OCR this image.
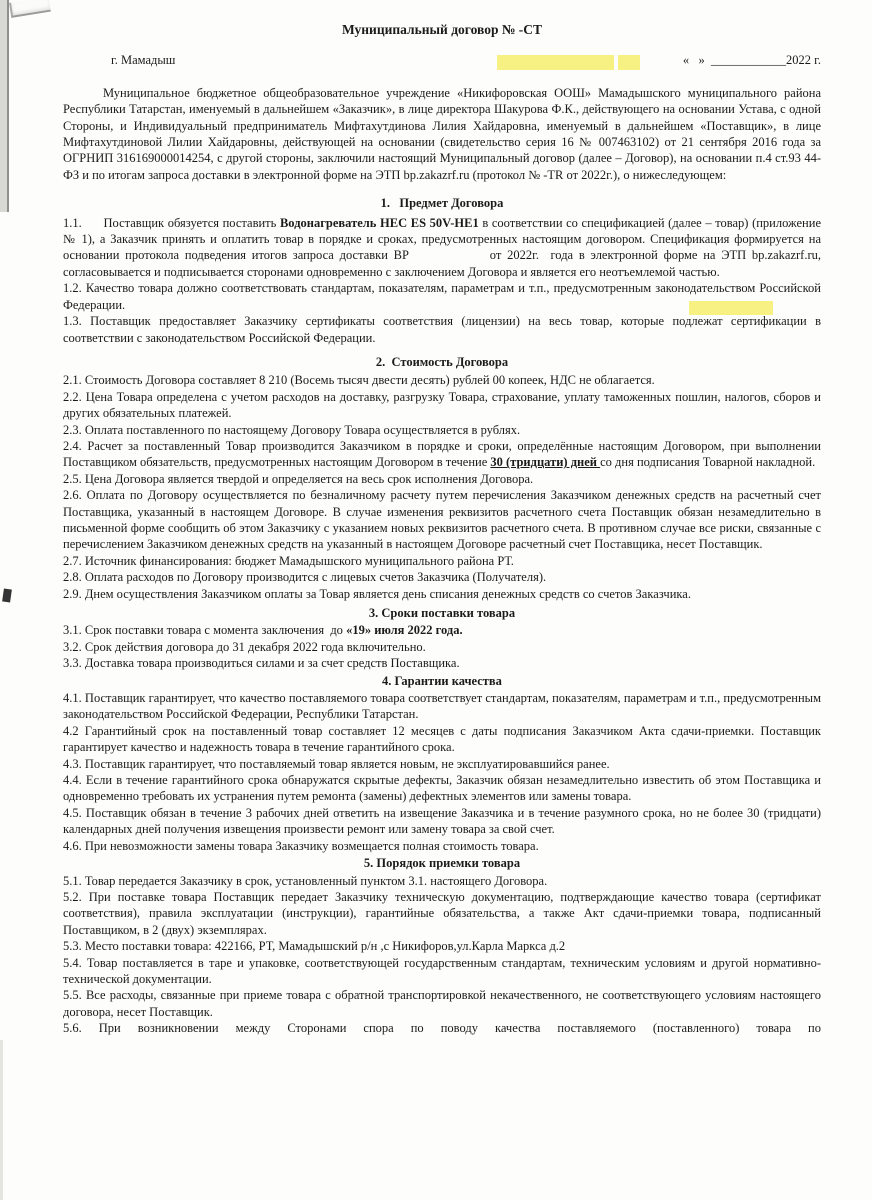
Муниципальный договор № -СТ
г. Мамадыш	«   »  ____________2022 г.

Муниципальное бюджетное общеобразовательное учреждение «Никифоровская ООШ» Мамадышского муниципального района Республики Татарстан, именуемый в дальнейшем «Заказчик», в лице директора Шакурова Ф.К., действующего на основании Устава, с одной Стороны, и Индивидуальный предприниматель Мифтахутдинова Лилия Хайдаровна, именуемый в дальнейшем «Поставщик», в лице Мифтахутдиновой Лилии Хайдаровны, действующей на основании (свидетельство серия 16 № 007463102) от 21 сентября 2016 года за ОГРНИП 316169000014254, с другой стороны, заключили настоящий Муниципальный договор (далее – Договор), на основании п.4 ст.93 44-ФЗ и по итогам запроса доставки в электронной форме на ЭТП bp.zakazrf.ru (протокол № -TR от 2022г.), о нижеследующем:

1.   Предмет Договора

1.1.      Поставщик обязуется поставить Водонагреватель HEC ES 50V-HE1 в соответствии со спецификацией (далее – товар) (приложение № 1), а Заказчик принять и оплатить товар в порядке и сроках, предусмотренных настоящим договором. Спецификация формируется на основании протокола подведения итогов запроса доставки BP              от 2022г.  года в электронной форме на ЭТП bp.zakazrf.ru, согласовывается и подписывается сторонами одновременно с заключением Договора и является его неотъемлемой частью.

1.2. Качество товара должно соответствовать стандартам, показателям, параметрам и т.п., предусмотренным законодательством Российской Федерации.

1.3. Поставщик предоставляет Заказчику сертификаты соответствия (лицензии) на весь товар, которые подлежат сертификации в соответствии с законодательством Российской Федерации.

2.  Стоимость Договора

2.1. Стоимость Договора составляет 8 210 (Восемь тысяч двести десять) рублей 00 копеек, НДС не облагается.

2.2. Цена Товара определена с учетом расходов на доставку, разгрузку Товара, страхование, уплату таможенных пошлин, налогов, сборов и других обязательных платежей.

2.3. Оплата поставленного по настоящему Договору Товара осуществляется в рублях.

2.4. Расчет за поставленный Товар производится Заказчиком в порядке и сроки, определённые настоящим Договором, при выполнении Поставщиком обязательств, предусмотренных настоящим Договором в течение 30 (тридцати) дней со дня подписания Товарной накладной.

2.5. Цена Договора является твердой и определяется на весь срок исполнения Договора.

2.6. Оплата по Договору осуществляется по безналичному расчету путем перечисления Заказчиком денежных средств на расчетный счет Поставщика, указанный в настоящем Договоре. В случае изменения реквизитов расчетного счета Поставщик обязан незамедлительно в письменной форме сообщить об этом Заказчику с указанием новых реквизитов расчетного счета. В противном случае все риски, связанные с перечислением Заказчиком денежных средств на указанный в настоящем Договоре расчетный счет Поставщика, несет Поставщик.

2.7. Источник финансирования: бюджет Мамадышского муниципального района РТ.

2.8. Оплата расходов по Договору производится с лицевых счетов Заказчика (Получателя).

2.9. Днем осуществления Заказчиком оплаты за Товар является день списания денежных средств со счетов Заказчика.

3. Сроки поставки товара

3.1. Срок поставки товара с момента заключения  до «19» июля 2022 года.

3.2. Срок действия договора до 31 декабря 2022 года включительно.

3.3. Доставка товара производиться силами и за счет средств Поставщика.

4. Гарантии качества

4.1. Поставщик гарантирует, что качество поставляемого товара соответствует стандартам, показателям, параметрам и т.п., предусмотренным законодательством Российской Федерации, Республики Татарстан.

4.2 Гарантийный срок на поставленный товар составляет 12 месяцев с даты подписания Заказчиком Акта сдачи-приемки. Поставщик гарантирует качество и надежность товара в течение гарантийного срока.

4.3. Поставщик гарантирует, что поставляемый товар является новым, не эксплуатировавшийся ранее.

4.4. Если в течение гарантийного срока обнаружатся скрытые дефекты, Заказчик обязан незамедлительно известить об этом Поставщика и одновременно требовать их устранения путем ремонта (замены) дефектных элементов или замены товара.

4.5. Поставщик обязан в течение 3 рабочих дней ответить на извещение Заказчика и в течение разумного срока, но не более 30 (тридцати) календарных дней получения извещения произвести ремонт или замену товара за свой счет.

4.6. При невозможности замены товара Заказчику возмещается полная стоимость товара.

5. Порядок приемки товара

5.1. Товар передается Заказчику в срок, установленный пунктом 3.1. настоящего Договора.

5.2. При поставке товара Поставщик передает Заказчику техническую документацию, подтверждающие качество товара (сертификат соответствия), правила эксплуатации (инструкции), гарантийные обязательства, а также Акт сдачи-приемки товара, подписанный Поставщиком, в 2 (двух) экземплярах.

5.3. Место поставки товара: 422166, РТ, Мамадышский р/н ,с Никифоров,ул.Карла Маркса д.2

5.4. Товар поставляется в таре и упаковке, соответствующей государственным стандартам, техническим условиям и другой нормативно-технической документации.

5.5. Все расходы, связанные при приеме товара с обратной транспортировкой некачественного, не соответствующего условиям настоящего договора, несет Поставщик.

5.6. При возникновении между Сторонами спора по поводу качества поставляемого (поставленного) товара по
